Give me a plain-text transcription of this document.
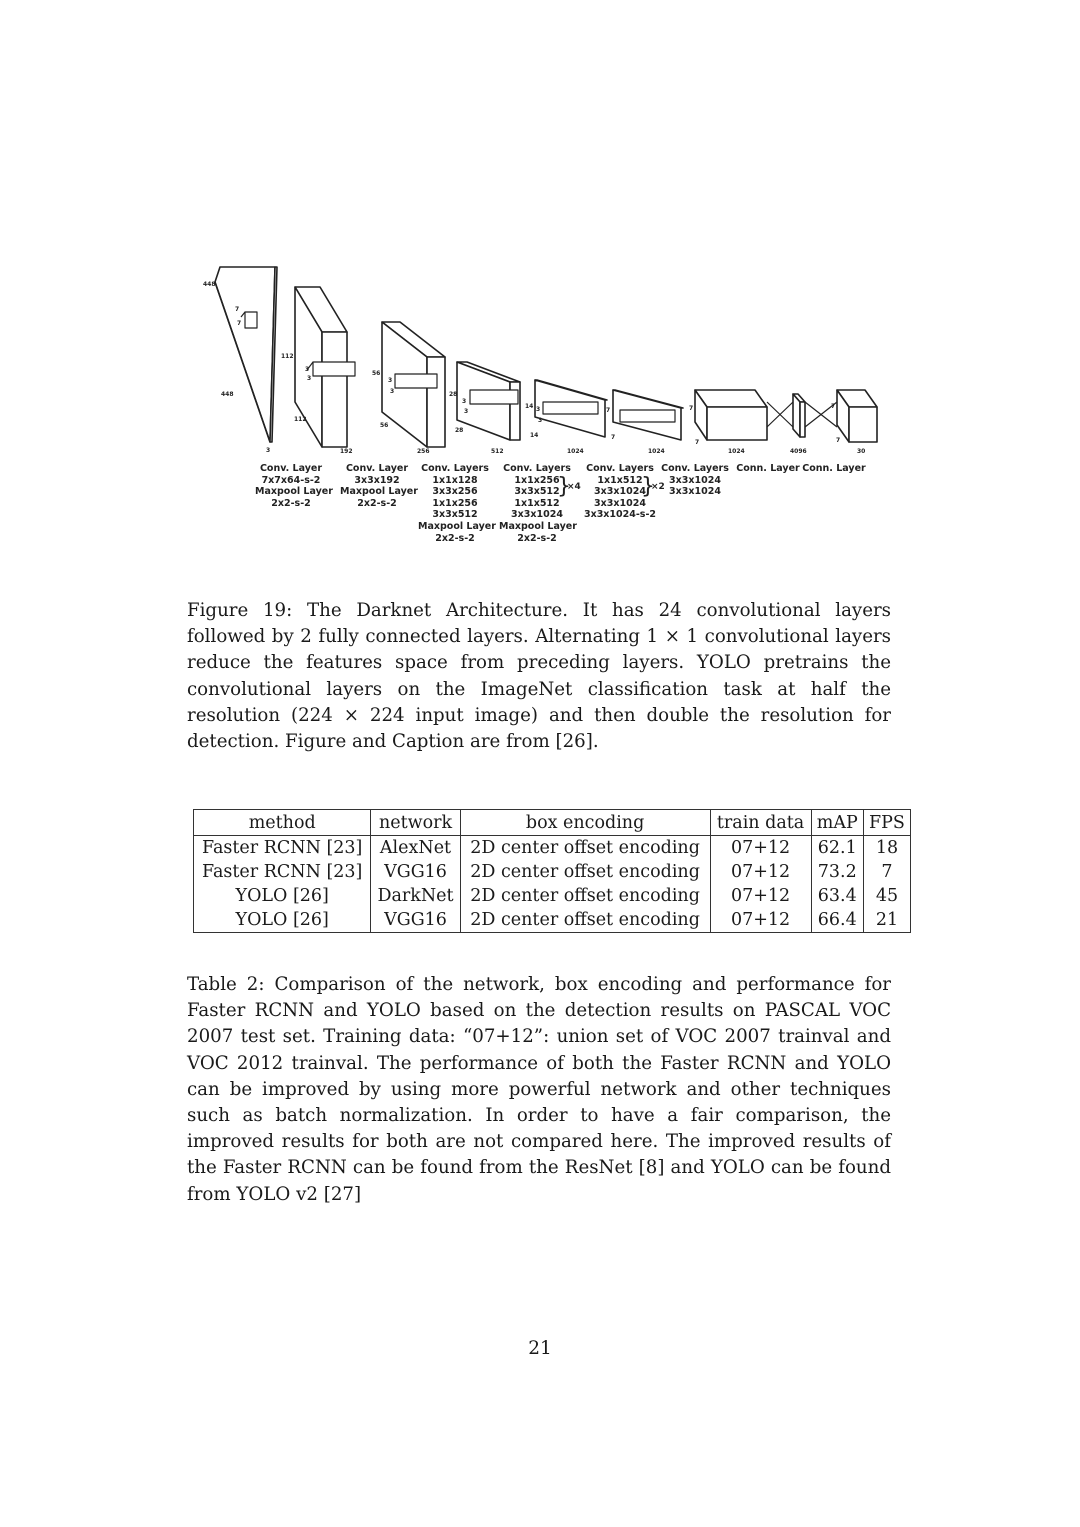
448
448
3
7
7
112
112
192
3
3
56
56
256
3
3	28
28
512
3
3
14
14
1024
3
3
7
7
1024
7
7
1024	4096
7
7
30
Conv. Layer
7x7x64-s-2
Maxpool Layer
2x2-s-2
Conv. Layer
3x3x192
Maxpool Layer
2x2-s-2
Conv. Layers
1x1x128
3x3x256
1x1x256
3x3x512
Maxpool Layer
2x2-s-2
Conv. Layers
1x1x256
3x3x512
1x1x512
3x3x1024
Maxpool Layer
2x2-s-2
Conv. Layers
1x1x512
3x3x1024
3x3x1024
3x3x1024-s-2
Conv. Layers
3x3x1024
3x3x1024
Conn. Layer Conn. Layer
}
×4	}
×2

Figure 19: The Darknet Architecture. It has 24 convolutional layers followed by 2 fully connected layers. Alternating 1 × 1 convolutional layers reduce the features space from preceding layers. YOLO pretrains the convolutional layers on the ImageNet classification task at half the resolution (224 × 224 input image) and then double the resolution for detection. Figure and Caption are from [26].

method	network	box encoding	train data	mAP	FPS
Faster RCNN [23]	AlexNet	2D center offset encoding	07+12	62.1	18
Faster RCNN [23]	VGG16	2D center offset encoding	07+12	73.2	7
YOLO [26]	DarkNet	2D center offset encoding	07+12	63.4	45
YOLO [26]	VGG16	2D center offset encoding	07+12	66.4	21

Table 2: Comparison of the network, box encoding and performance for Faster RCNN and YOLO based on the detection results on PASCAL VOC 2007 test set. Training data: “07+12”: union set of VOC 2007 trainval and VOC 2012 trainval. The performance of both the Faster RCNN and YOLO can be improved by using more powerful network and other techniques such as batch normalization. In order to have a fair comparison, the improved results for both are not compared here. The improved results of the Faster RCNN can be found from the ResNet [8] and YOLO can be found from YOLO v2 [27]

21
